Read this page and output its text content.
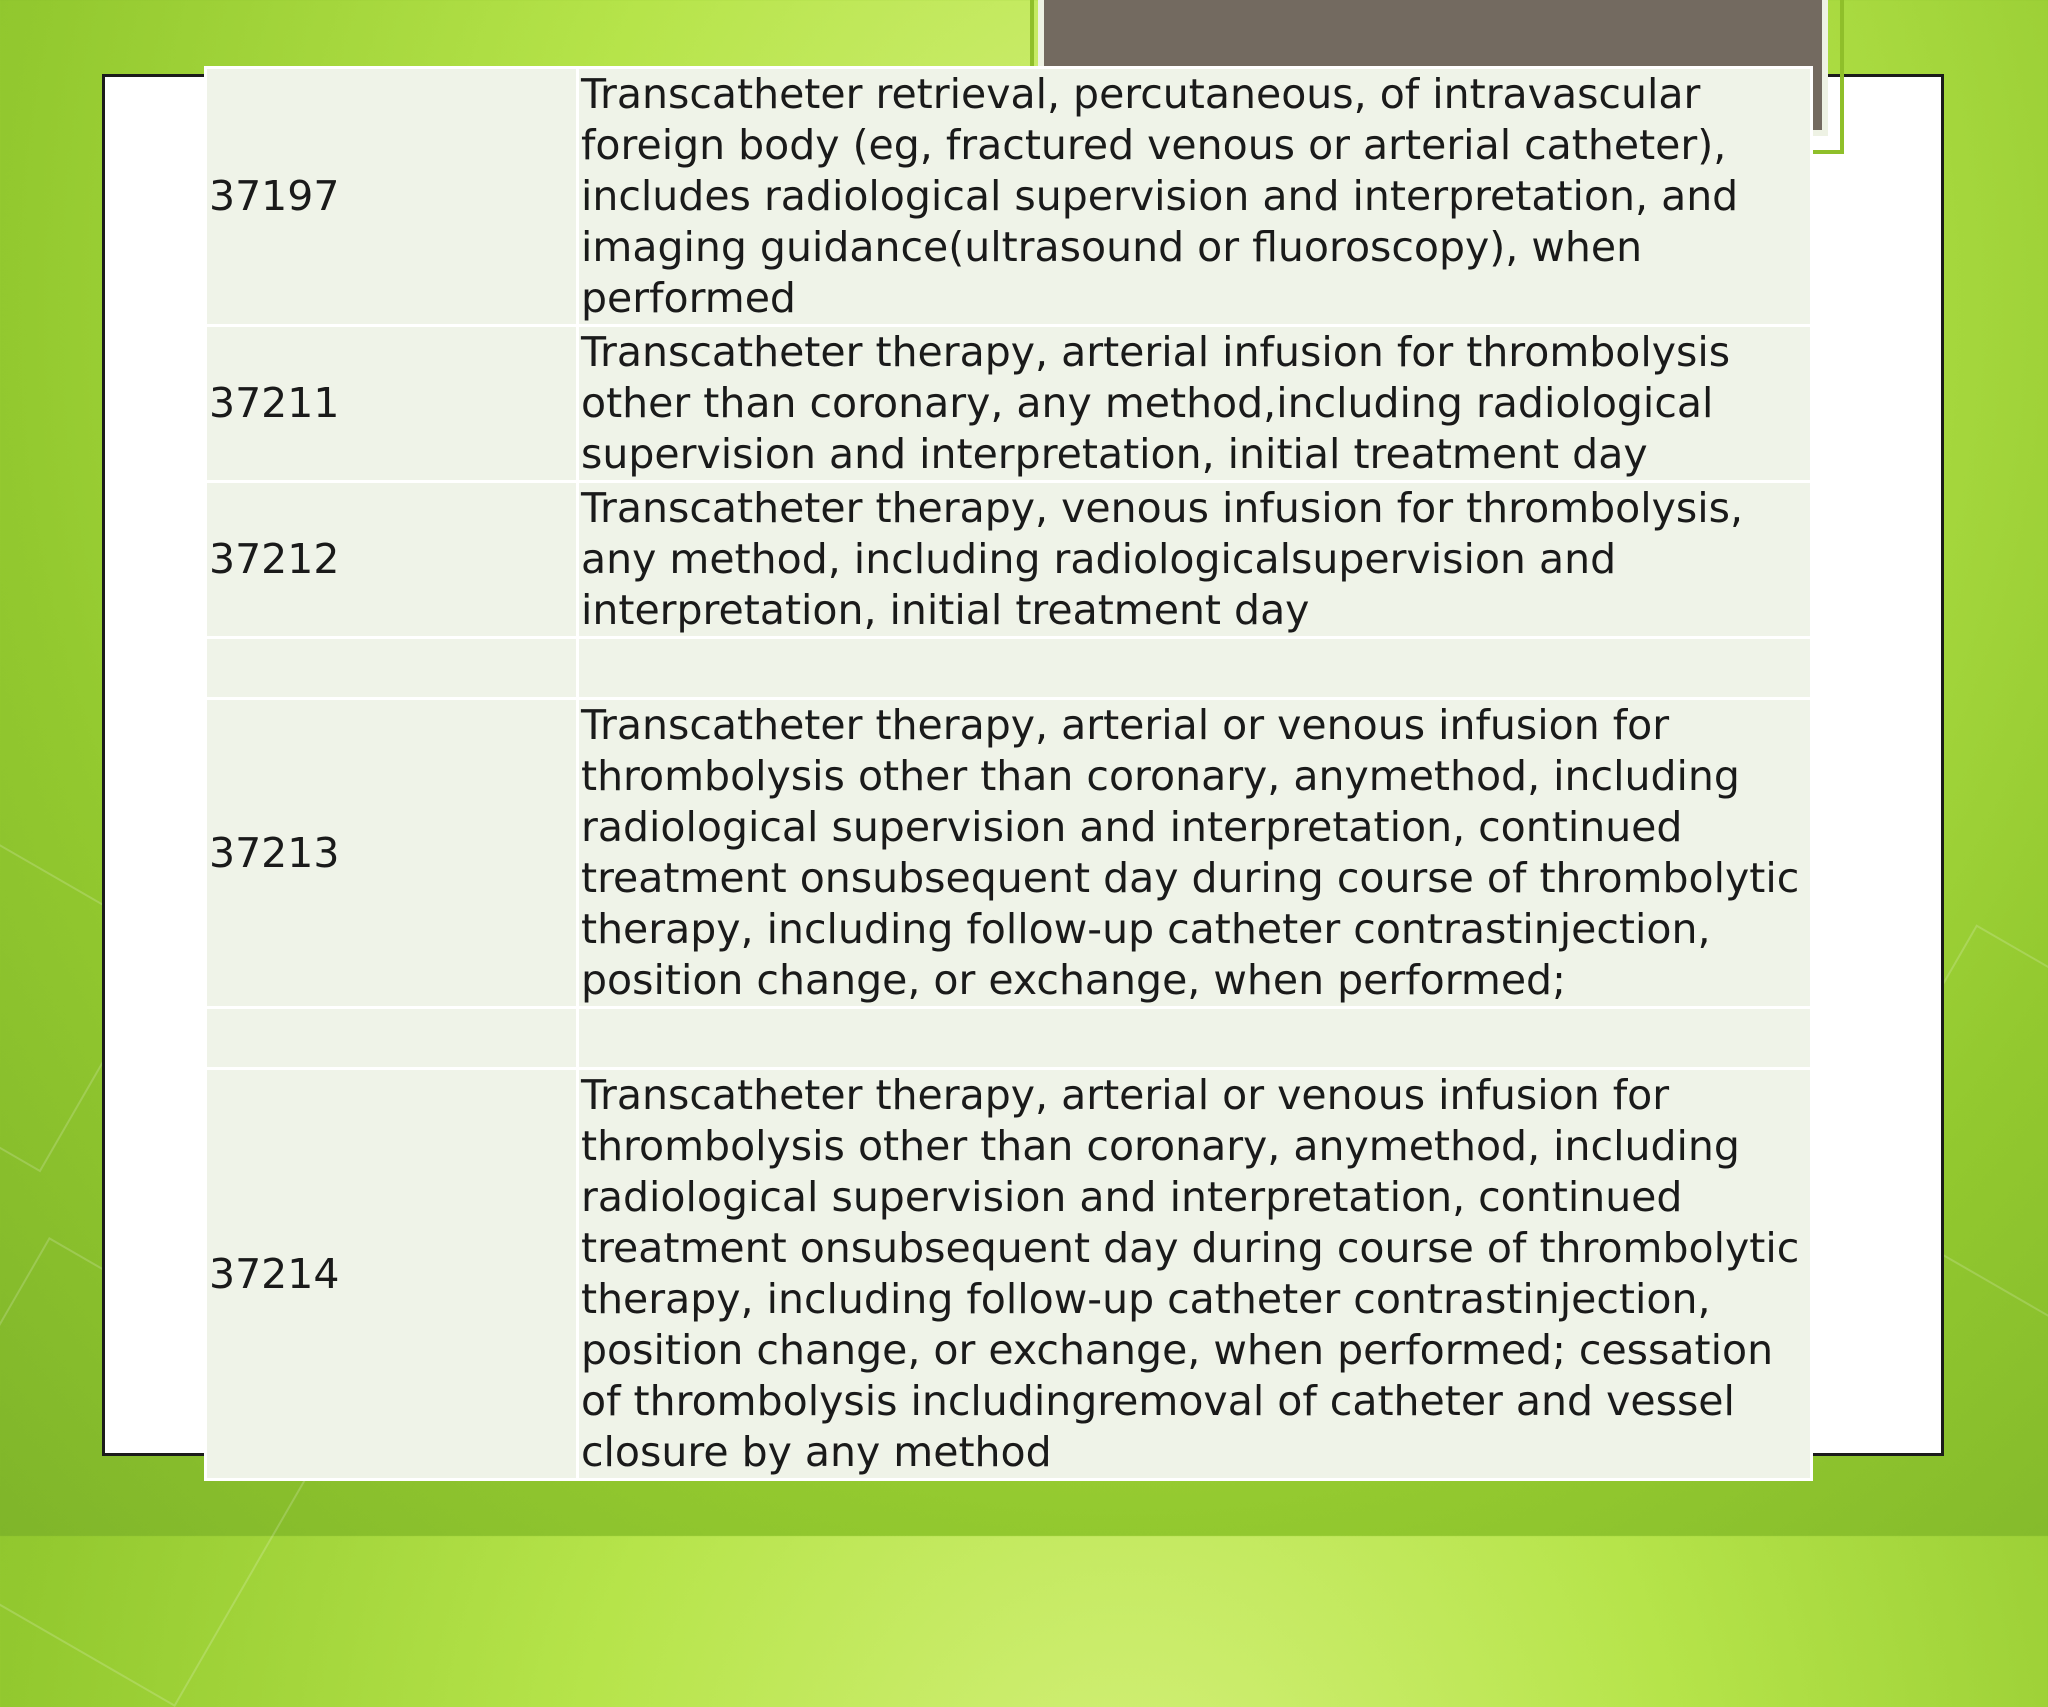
37197	Transcatheter retrieval, percutaneous, of intravascular foreign body (eg, fractured venous or arterial catheter), includes radiological supervision and interpretation, and imaging guidance(ultrasound or fluoroscopy), when performed
37211	Transcatheter therapy, arterial infusion for thrombolysis other than coronary, any method,including radiological supervision and interpretation, initial treatment day
37212	Transcatheter therapy, venous infusion for thrombolysis, any method, including radiologicalsupervision and interpretation, initial treatment day

37213	Transcatheter therapy, arterial or venous infusion for thrombolysis other than coronary, anymethod, including radiological supervision and interpretation, continued treatment onsubsequent day during course of thrombolytic therapy, including follow-up catheter contrastinjection, position change, or exchange, when performed;

37214	Transcatheter therapy, arterial or venous infusion for thrombolysis other than coronary, anymethod, including radiological supervision and interpretation, continued treatment onsubsequent day during course of thrombolytic therapy, including follow-up catheter contrastinjection, position change, or exchange, when performed; cessation of thrombolysis includingremoval of catheter and vessel closure by any method
